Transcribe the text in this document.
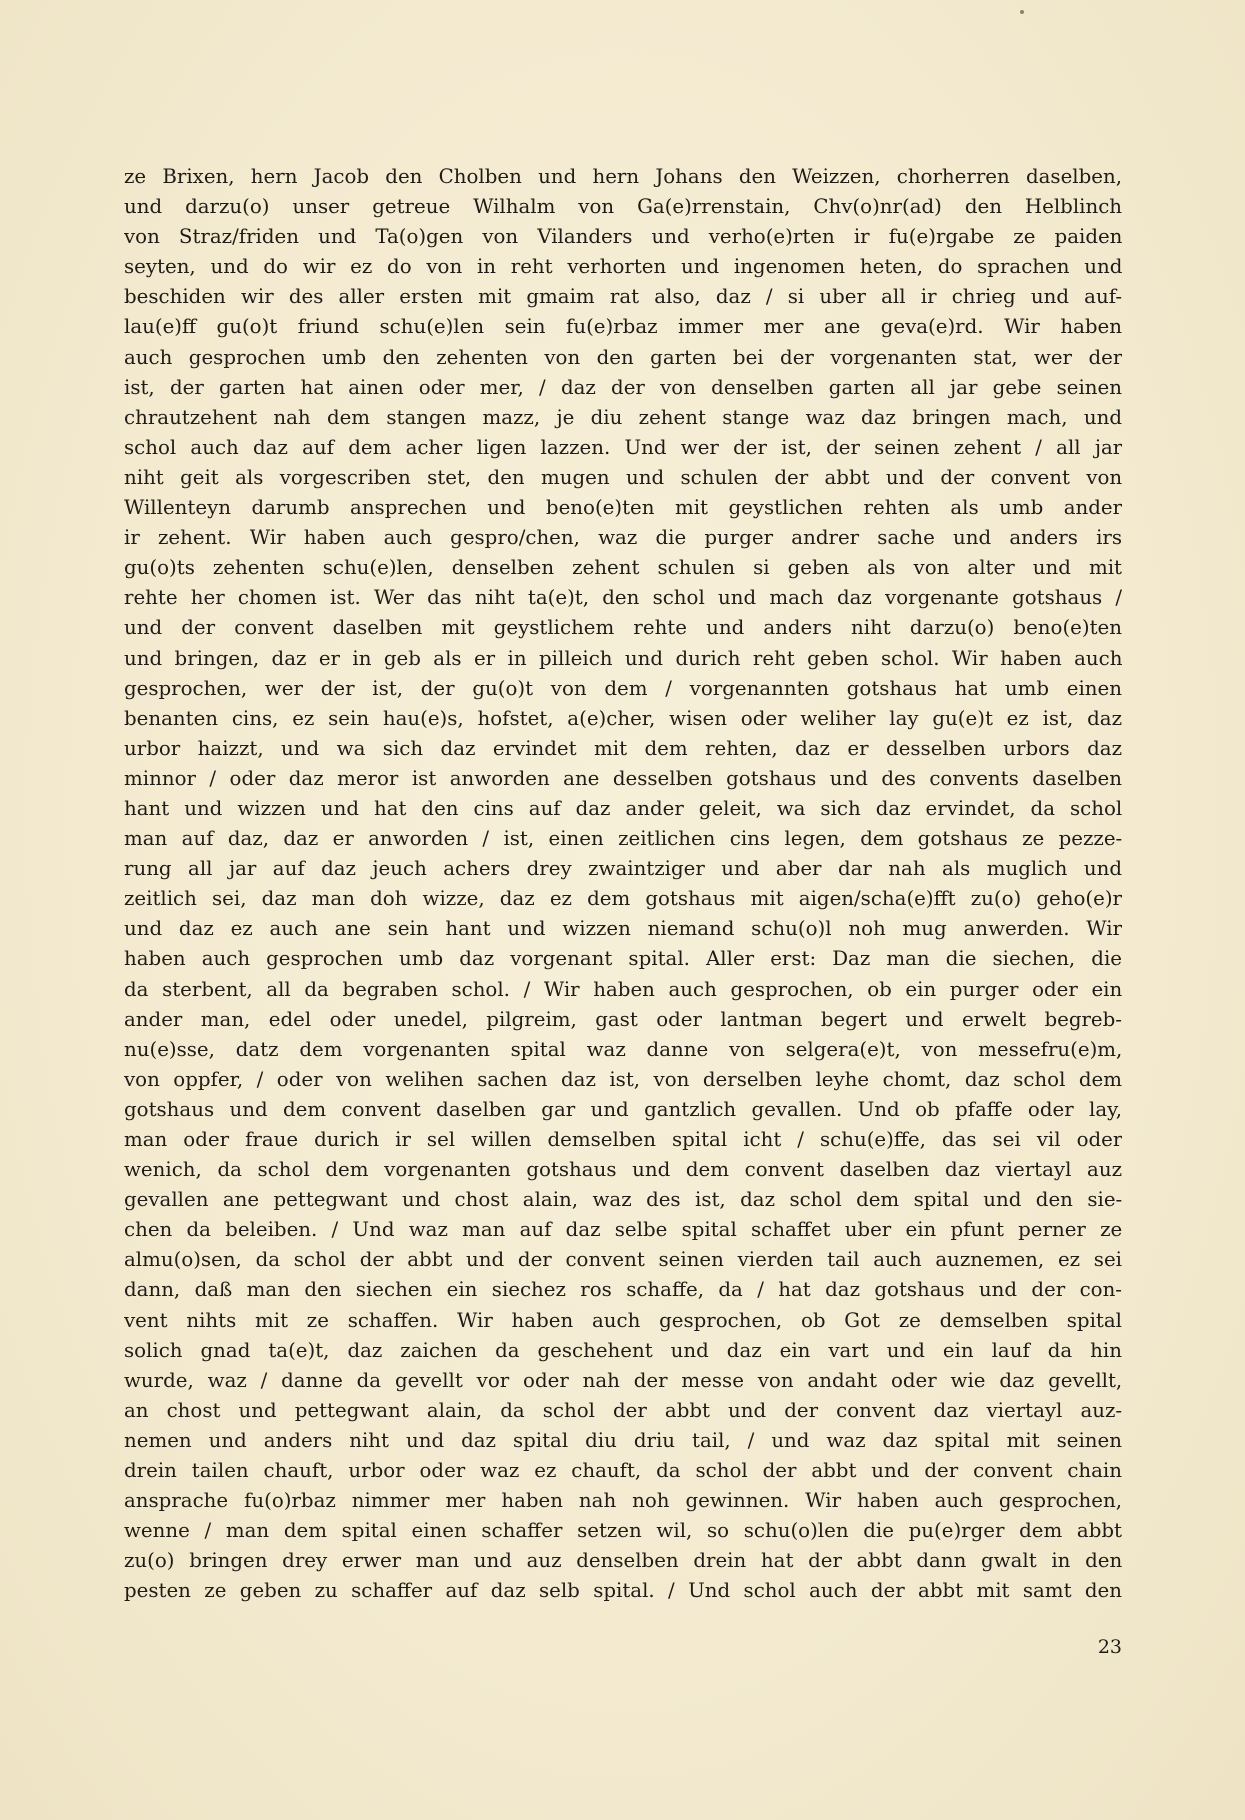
ze Brixen, hern Jacob den Cholben und hern Johans den Weizzen, chorherren daselben,
und darzu(o) unser getreue Wilhalm von Ga(e)rrenstain, Chv(o)nr(ad) den Helblinch
von Straz/friden und Ta(o)gen von Vilanders und verho(e)rten ir fu(e)rgabe ze paiden
seyten, und do wir ez do von in reht verhorten und ingenomen heten, do sprachen und
beschiden wir des aller ersten mit gmaim rat also, daz / si uber all ir chrieg und auf-
lau(e)ff gu(o)t friund schu(e)len sein fu(e)rbaz immer mer ane geva(e)rd. Wir haben
auch gesprochen umb den zehenten von den garten bei der vorgenanten stat, wer der
ist, der garten hat ainen oder mer, / daz der von denselben garten all jar gebe seinen
chrautzehent nah dem stangen mazz, je diu zehent stange waz daz bringen mach, und
schol auch daz auf dem acher ligen lazzen. Und wer der ist, der seinen zehent / all jar
niht geit als vorgescriben stet, den mugen und schulen der abbt und der convent von
Willenteyn darumb ansprechen und beno(e)ten mit geystlichen rehten als umb ander
ir zehent. Wir haben auch gespro/chen, waz die purger andrer sache und anders irs
gu(o)ts zehenten schu(e)len, denselben zehent schulen si geben als von alter und mit
rehte her chomen ist. Wer das niht ta(e)t, den schol und mach daz vorgenante gotshaus /
und der convent daselben mit geystlichem rehte und anders niht darzu(o) beno(e)ten
und bringen, daz er in geb als er in pilleich und durich reht geben schol. Wir haben auch
gesprochen, wer der ist, der gu(o)t von dem / vorgenannten gotshaus hat umb einen
benanten cins, ez sein hau(e)s, hofstet, a(e)cher, wisen oder weliher lay gu(e)t ez ist, daz
urbor haizzt, und wa sich daz ervindet mit dem rehten, daz er desselben urbors daz
minnor / oder daz meror ist anworden ane desselben gotshaus und des convents daselben
hant und wizzen und hat den cins auf daz ander geleit, wa sich daz ervindet, da schol
man auf daz, daz er anworden / ist, einen zeitlichen cins legen, dem gotshaus ze pezze-
rung all jar auf daz jeuch achers drey zwaintziger und aber dar nah als muglich und
zeitlich sei, daz man doh wizze, daz ez dem gotshaus mit aigen/scha(e)fft zu(o) geho(e)r
und daz ez auch ane sein hant und wizzen niemand schu(o)l noh mug anwerden. Wir
haben auch gesprochen umb daz vorgenant spital. Aller erst: Daz man die siechen, die
da sterbent, all da begraben schol. / Wir haben auch gesprochen, ob ein purger oder ein
ander man, edel oder unedel, pilgreim, gast oder lantman begert und erwelt begreb-
nu(e)sse, datz dem vorgenanten spital waz danne von selgera(e)t, von messefru(e)m,
von oppfer, / oder von welihen sachen daz ist, von derselben leyhe chomt, daz schol dem
gotshaus und dem convent daselben gar und gantzlich gevallen. Und ob pfaffe oder lay,
man oder fraue durich ir sel willen demselben spital icht / schu(e)ffe, das sei vil oder
wenich, da schol dem vorgenanten gotshaus und dem convent daselben daz viertayl auz
gevallen ane pettegwant und chost alain, waz des ist, daz schol dem spital und den sie-
chen da beleiben. / Und waz man auf daz selbe spital schaffet uber ein pfunt perner ze
almu(o)sen, da schol der abbt und der convent seinen vierden tail auch auznemen, ez sei
dann, daß man den siechen ein siechez ros schaffe, da / hat daz gotshaus und der con-
vent nihts mit ze schaffen. Wir haben auch gesprochen, ob Got ze demselben spital
solich gnad ta(e)t, daz zaichen da geschehent und daz ein vart und ein lauf da hin
wurde, waz / danne da gevellt vor oder nah der messe von andaht oder wie daz gevellt,
an chost und pettegwant alain, da schol der abbt und der convent daz viertayl auz-
nemen und anders niht und daz spital diu driu tail, / und waz daz spital mit seinen
drein tailen chauft, urbor oder waz ez chauft, da schol der abbt und der convent chain
ansprache fu(o)rbaz nimmer mer haben nah noh gewinnen. Wir haben auch gesprochen,
wenne / man dem spital einen schaffer setzen wil, so schu(o)len die pu(e)rger dem abbt
zu(o) bringen drey erwer man und auz denselben drein hat der abbt dann gwalt in den
pesten ze geben zu schaffer auf daz selb spital. / Und schol auch der abbt mit samt den
23
